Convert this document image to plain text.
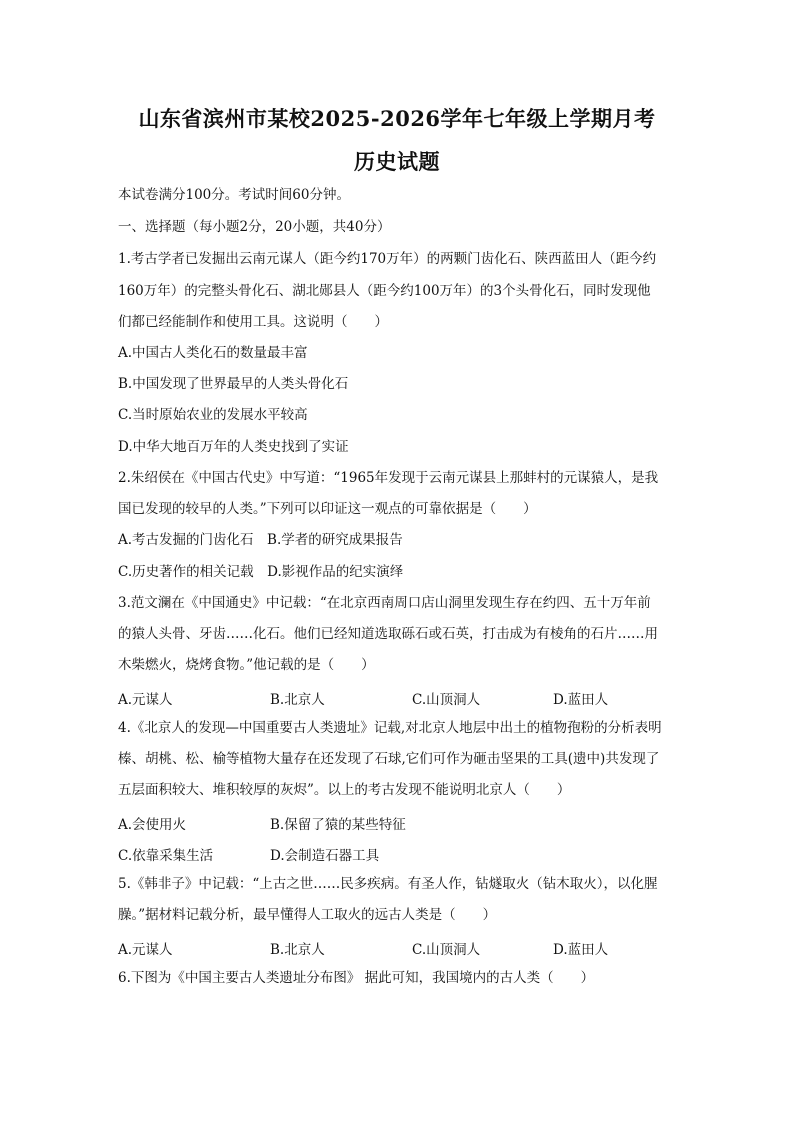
山东省滨州市某校2025-2026学年七年级上学期月考
历史试题
本试卷满分100分。考试时间60分钟。
一、选择题（每小题2分，20小题，共40分）
1.考古学者已发掘出云南元谋人（距今约170万年）的两颗门齿化石、陕西蓝田人（距今约
160万年）的完整头骨化石、湖北郧县人（距今约100万年）的3个头骨化石，同时发现他
们都已经能制作和使用工具。这说明（　　）
A.中国古人类化石的数量最丰富
B.中国发现了世界最早的人类头骨化石
C.当时原始农业的发展水平较高
D.中华大地百万年的人类史找到了实证
2.朱绍侯在《中国古代史》中写道：“1965年发现于云南元谋县上那蚌村的元谋猿人，是我
国已发现的较早的人类。”下列可以印证这一观点的可靠依据是（　　）
A.考古发掘的门齿化石　B.学者的研究成果报告
C.历史著作的相关记载　D.影视作品的纪实演绎
3.范文澜在《中国通史》中记载：“在北京西南周口店山洞里发现生存在约四、五十万年前
的猿人头骨、牙齿……化石。他们已经知道选取砾石或石英，打击成为有棱角的石片……用
木柴燃火，烧烤食物。”他记载的是（　　）
A.元谋人	B.北京人	C.山顶洞人	D.蓝田人
4.《北京人的发现—中国重要古人类遗址》记载,对北京人地层中出土的植物孢粉的分析表明
榛、胡桃、松、榆等植物大量存在还发现了石球,它们可作为砸击坚果的工具(遗中)共发现了
五层面积较大、堆积较厚的灰烬”。以上的考古发现不能说明北京人（　　）
A.会使用火	B.保留了猿的某些特征
C.依靠采集生活	D.会制造石器工具
5.《韩非子》中记载：“上古之世……民多疾病。有圣人作，钻燧取火（钻木取火），以化腥
臊。”据材料记载分析，最早懂得人工取火的远古人类是（　　）
A.元谋人	B.北京人	C.山顶洞人	D.蓝田人
6.下图为《中国主要古人类遗址分布图》 据此可知，我国境内的古人类（　　）
